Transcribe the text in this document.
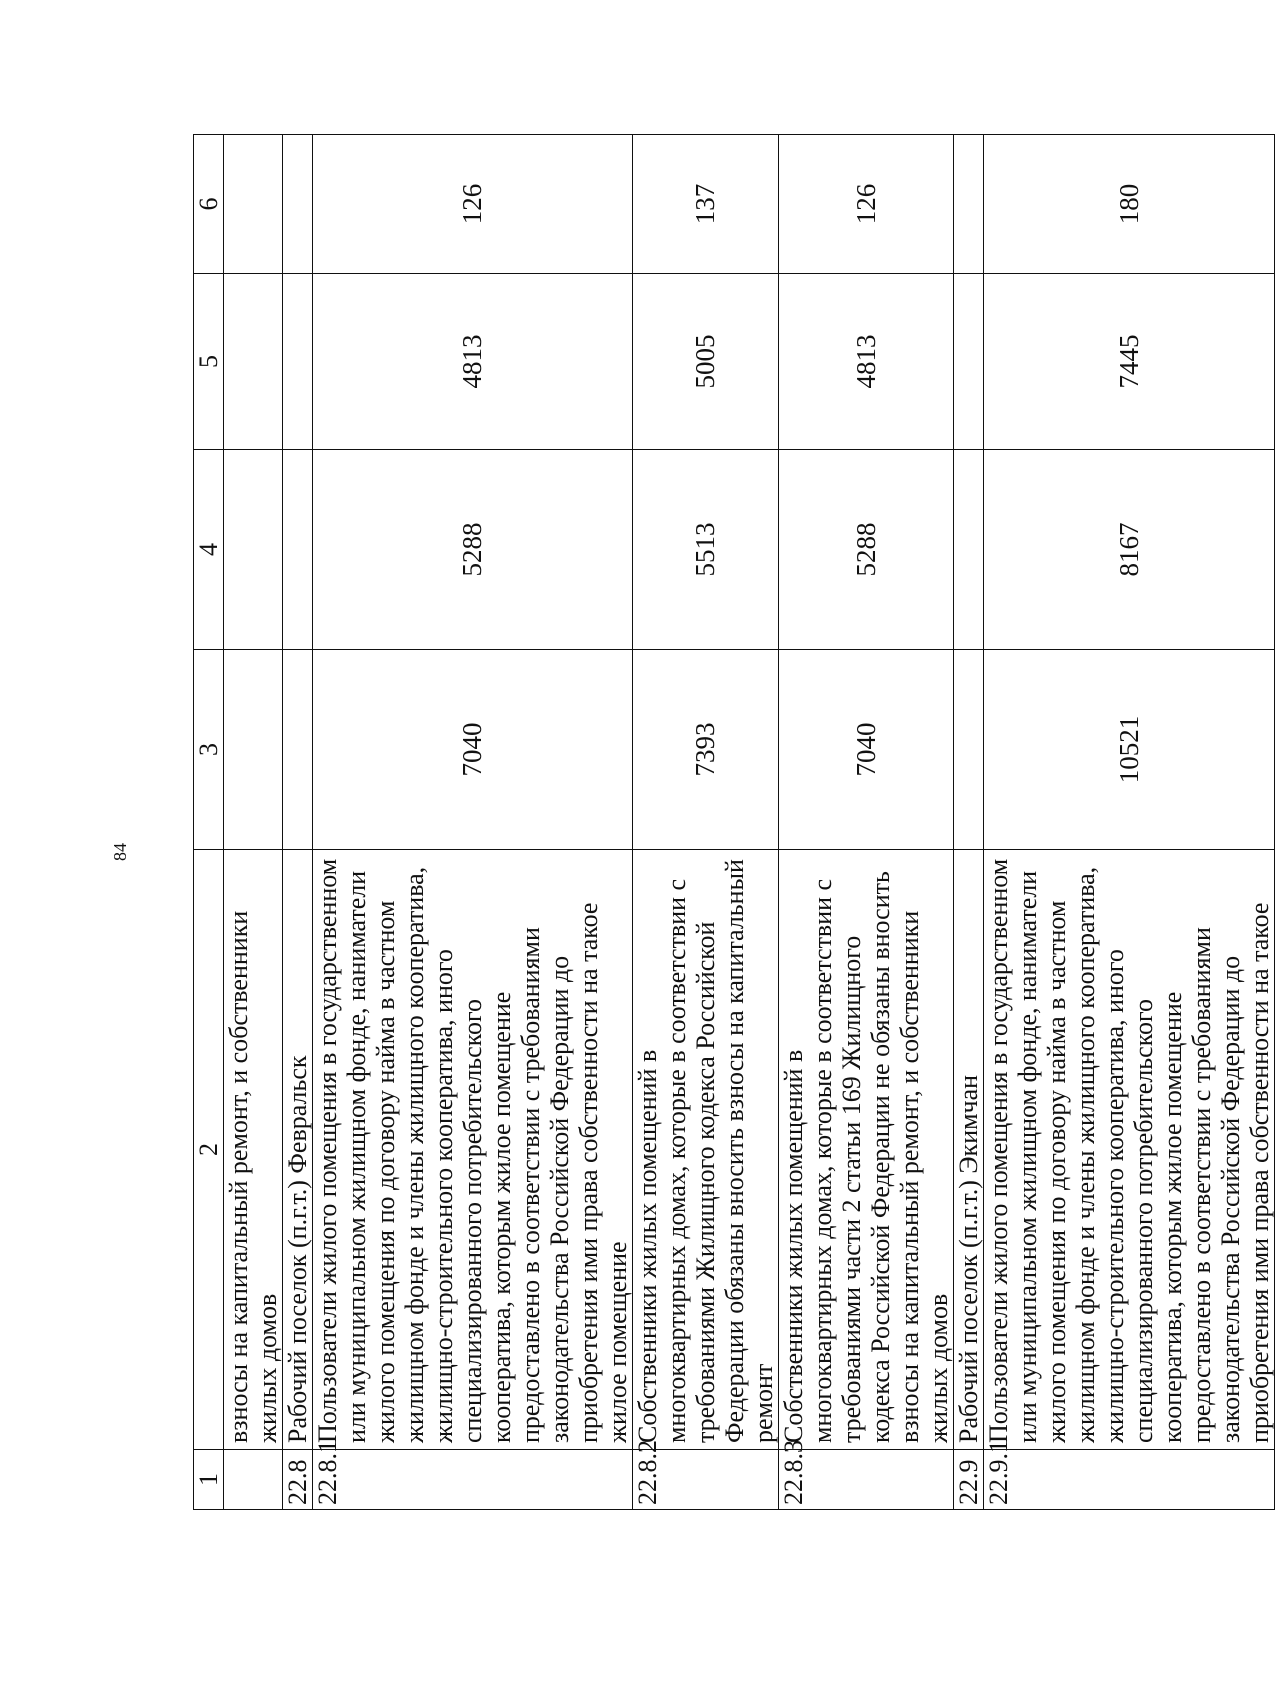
84
1	2	3	4	5	6
	взносы на капитальный ремонт, и собственники жилых домов				
22.8	Рабочий поселок (п.г.т.) Февральск				
22.8.1	Пользователи жилого помещения в государственном или муниципальном жилищном фонде, наниматели жилого помещения по договору найма в частном жилищном фонде и члены жилищного кооператива, жилищно-строительного кооператива, иного специализированного потребительского кооператива, которым жилое помещение предоставлено в соответствии с требованиями законодательства Российской Федерации до приобретения ими права собственности на такое жилое помещение	7040	5288	4813	126
22.8.2	Собственники жилых помещений в многоквартирных домах, которые в соответствии с требованиями Жилищного кодекса Российской Федерации обязаны вносить взносы на капитальный ремонт	7393	5513	5005	137
22.8.3	Собственники жилых помещений в многоквартирных домах, которые в соответствии с требованиями части 2 статьи 169 Жилищного кодекса Российской Федерации не обязаны вносить взносы на капитальный ремонт, и собственники жилых домов	7040	5288	4813	126
22.9	Рабочий поселок (п.г.т.) Экимчан				
22.9.1	Пользователи жилого помещения в государственном или муниципальном жилищном фонде, наниматели жилого помещения по договору найма в частном жилищном фонде и члены жилищного кооператива, жилищно-строительного кооператива, иного специализированного потребительского кооператива, которым жилое помещение предоставлено в соответствии с требованиями законодательства Российской Федерации до приобретения ими права собственности на такое	10521	8167	7445	180
